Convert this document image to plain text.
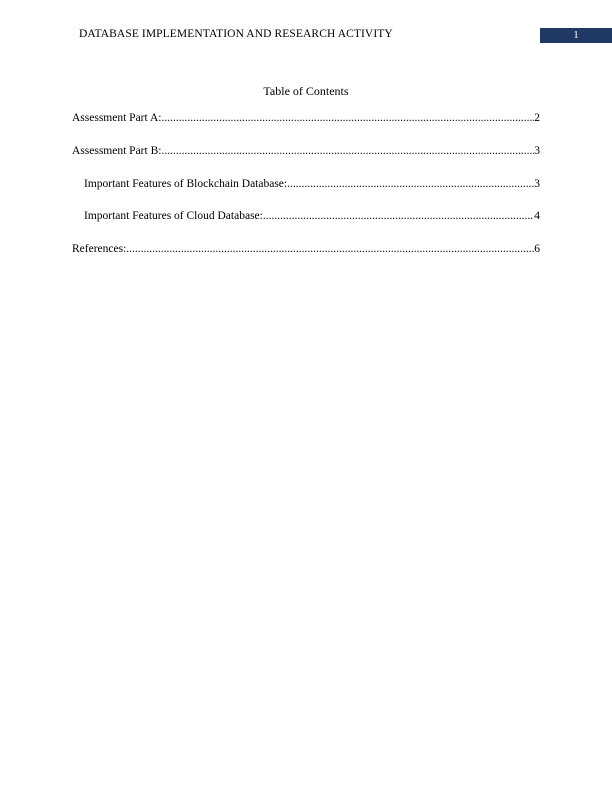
DATABASE IMPLEMENTATION AND RESEARCH ACTIVITY	1
Table of Contents
Assessment Part A: .....	2
Assessment Part B: .....	3
Important Features of Blockchain Database: .....	3
Important Features of Cloud Database: .....	4
References: .....	6
